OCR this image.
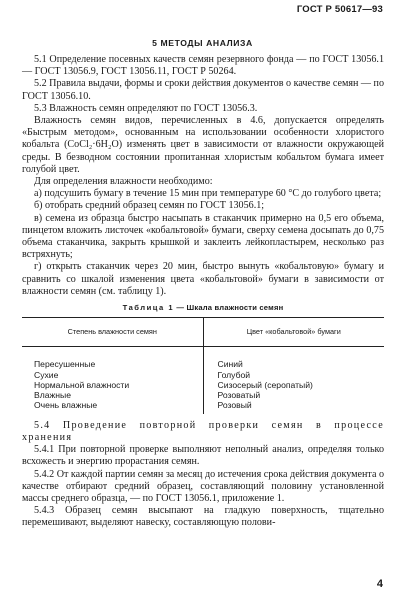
ГОСТ Р 50617—93
5 МЕТОДЫ АНАЛИЗА

5.1 Определение посевных качеств семян резервного фонда — по ГОСТ 13056.1— ГОСТ 13056.9, ГОСТ 13056.11, ГОСТ Р 50264.

5.2 Правила выдачи, формы и сроки действия документов о качестве семян — по ГОСТ 13056.10.

5.3 Влажность семян определяют по ГОСТ 13056.3.

Влажность семян видов, перечисленных в 4.6, допускается определять «Быстрым методом», основанным на использовании особенности хлористого кобальта (CoCl₂·6H₂O) изменять цвет в зависимости от влажности окружающей среды. В безводном состоянии пропитанная хлористым кобальтом бумага имеет голубой цвет.

Для определения влажности необходимо:

а) подсушить бумагу в течение 15 мин при температуре 60 °С до голубого цвета;

б) отобрать средний образец семян по ГОСТ 13056.1;

в) семена из образца быстро насыпать в стаканчик примерно на 0,5 его объема, пинцетом вложить листочек «кобальтовой» бумаги, сверху семена досыпать до 0,75 объема стаканчика, закрыть крышкой и заклеить лейкопластырем, несколько раз встряхнуть;

г) открыть стаканчик через 20 мин, быстро вынуть «кобальтовую» бумагу и сравнить со шкалой изменения цвета «кобальтовой» бумаги в зависимости от влажности семян (см. таблицу 1).

Таблица 1 — Шкала влажности семян
Степень влажности семян	Цвет «кобальтовой» бумаги
Пересушенные	Синий
Сухие	Голубой
Нормальной влажности	Сизосерый (серопатый)
Влажные	Розоватый
Очень влажные	Розовый

5.4 Проведение повторной проверки семян в процессе хранения

5.4.1 При повторной проверке выполняют неполный анализ, определяя только всхожесть и энергию прорастания семян.

5.4.2 От каждой партии семян за месяц до истечения срока действия документа о качестве отбирают средний образец, составляющий половину установленной массы среднего образца, — по ГОСТ 13056.1, приложение 1.

5.4.3 Образец семян высыпают на гладкую поверхность, тщательно перемешивают, выделяют навеску, составляющую полови-

4
